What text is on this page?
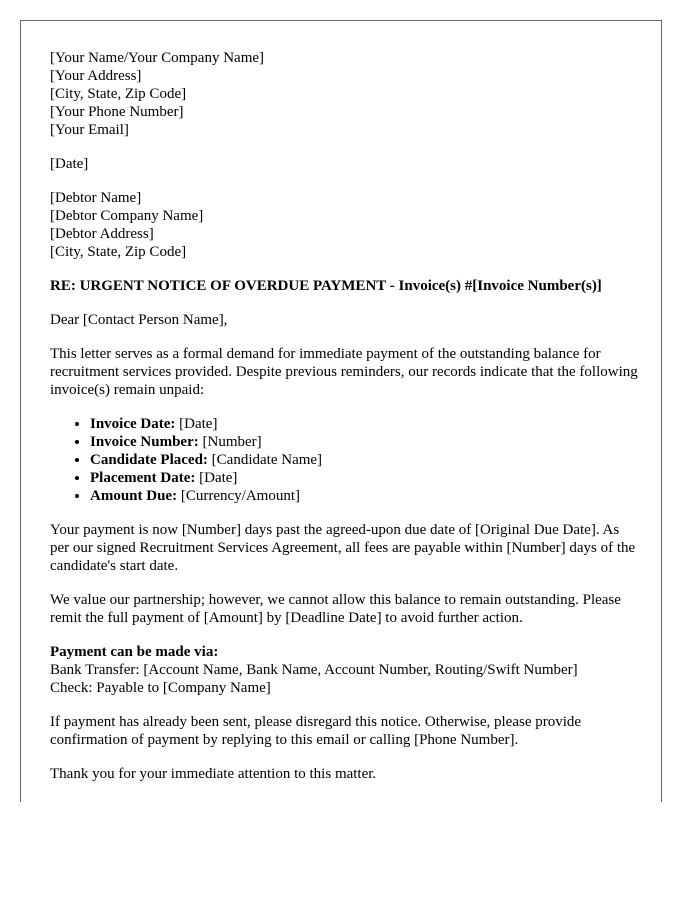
[Your Name/Your Company Name]
[Your Address]
[City, State, Zip Code]
[Your Phone Number]
[Your Email]
[Date]
[Debtor Name]
[Debtor Company Name]
[Debtor Address]
[City, State, Zip Code]
RE: URGENT NOTICE OF OVERDUE PAYMENT - Invoice(s) #[Invoice Number(s)]
Dear [Contact Person Name],
This letter serves as a formal demand for immediate payment of the outstanding balance for recruitment services provided. Despite previous reminders, our records indicate that the following invoice(s) remain unpaid:
• Invoice Date: [Date]
• Invoice Number: [Number]
• Candidate Placed: [Candidate Name]
• Placement Date: [Date]
• Amount Due: [Currency/Amount]
Your payment is now [Number] days past the agreed-upon due date of [Original Due Date]. As per our signed Recruitment Services Agreement, all fees are payable within [Number] days of the candidate's start date.
We value our partnership; however, we cannot allow this balance to remain outstanding. Please remit the full payment of [Amount] by [Deadline Date] to avoid further action.
Payment can be made via:
Bank Transfer: [Account Name, Bank Name, Account Number, Routing/Swift Number]
Check: Payable to [Company Name]
If payment has already been sent, please disregard this notice. Otherwise, please provide confirmation of payment by replying to this email or calling [Phone Number].
Thank you for your immediate attention to this matter.
